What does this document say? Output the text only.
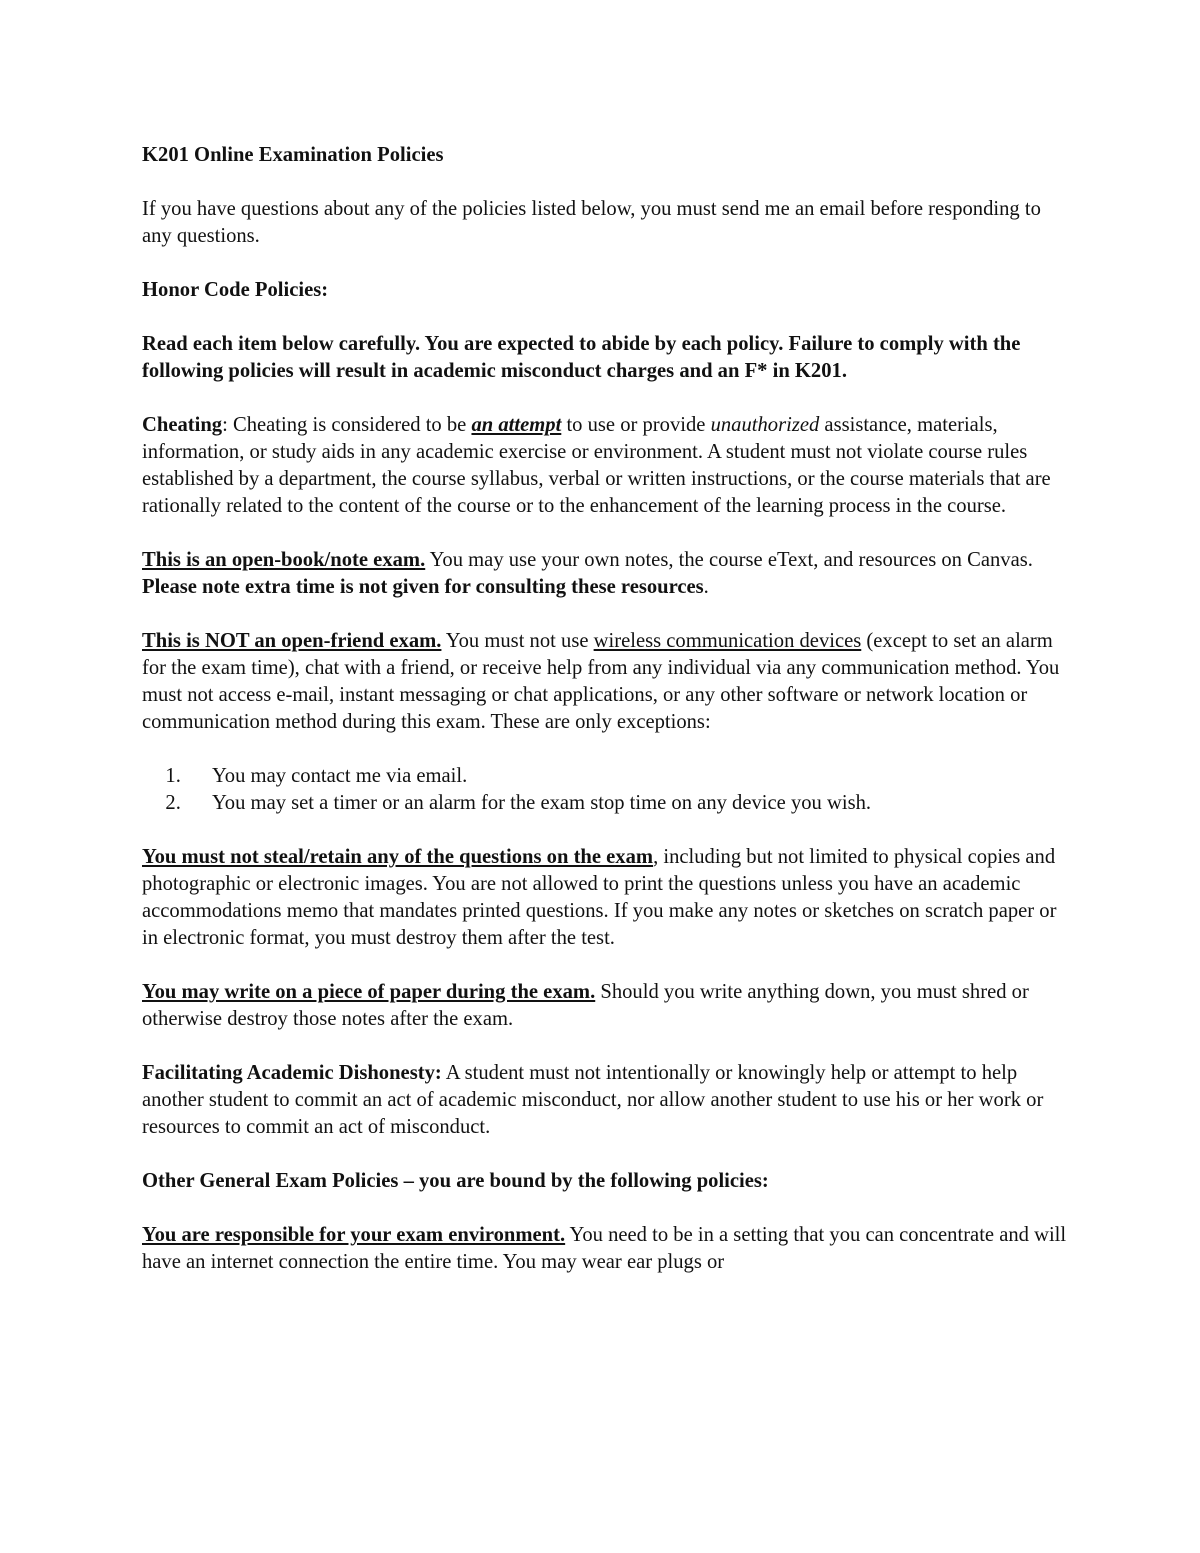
K201 Online Examination Policies

If you have questions about any of the policies listed below, you must send me an email before responding to any questions.

Honor Code Policies:

Read each item below carefully. You are expected to abide by each policy. Failure to comply with the following policies will result in academic misconduct charges and an F* in K201.

Cheating: Cheating is considered to be an attempt to use or provide unauthorized assistance, materials, information, or study aids in any academic exercise or environment. A student must not violate course rules established by a department, the course syllabus, verbal or written instructions, or the course materials that are rationally related to the content of the course or to the enhancement of the learning process in the course.

This is an open-book/note exam. You may use your own notes, the course eText, and resources on Canvas. Please note extra time is not given for consulting these resources.

This is NOT an open-friend exam. You must not use wireless communication devices (except to set an alarm for the exam time), chat with a friend, or receive help from any individual via any communication method. You must not access e-mail, instant messaging or chat applications, or any other software or network location or communication method during this exam. These are only exceptions:

1. You may contact me via email.
2. You may set a timer or an alarm for the exam stop time on any device you wish.

You must not steal/retain any of the questions on the exam, including but not limited to physical copies and photographic or electronic images. You are not allowed to print the questions unless you have an academic accommodations memo that mandates printed questions. If you make any notes or sketches on scratch paper or in electronic format, you must destroy them after the test.

You may write on a piece of paper during the exam. Should you write anything down, you must shred or otherwise destroy those notes after the exam.

Facilitating Academic Dishonesty: A student must not intentionally or knowingly help or attempt to help another student to commit an act of academic misconduct, nor allow another student to use his or her work or resources to commit an act of misconduct.

Other General Exam Policies – you are bound by the following policies:

You are responsible for your exam environment. You need to be in a setting that you can concentrate and will have an internet connection the entire time. You may wear ear plugs or
